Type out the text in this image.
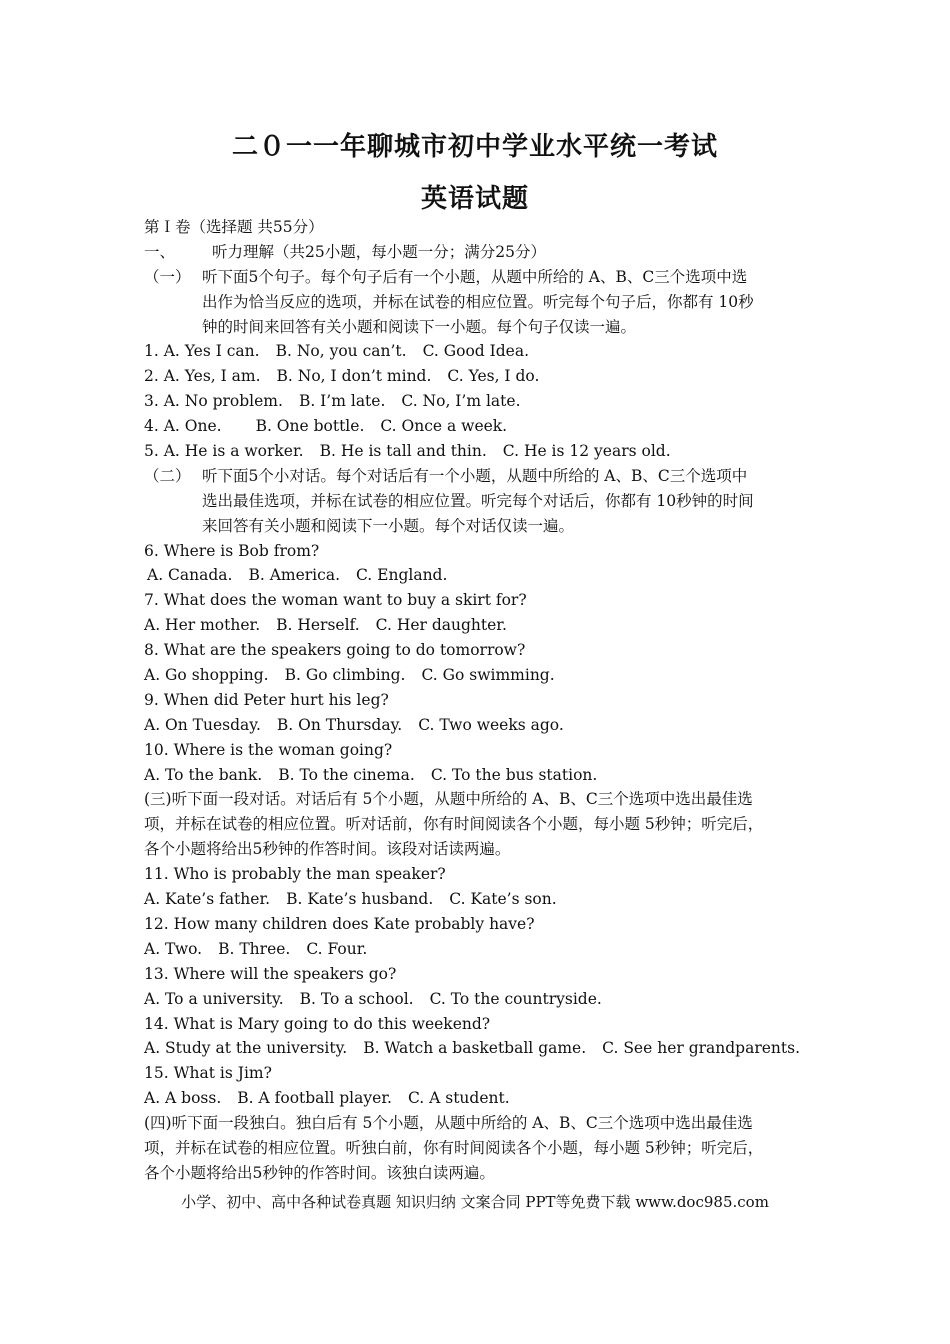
二０一一年聊城市初中学业水平统一考试
英语试题
第Ｉ卷（选择题 共55分）
一、 听力理解（共25小题，每小题一分；满分25分）
（一） 听下面5个句子。每个句子后有一个小题，从题中所给的 A、B、C三个选项中选
出作为恰当反应的选项，并标在试卷的相应位置。听完每个句子后，你都有 10秒
钟的时间来回答有关小题和阅读下一小题。每个句子仅读一遍。
1. A. Yes I can. B. No, you can’t. C. Good Idea.
2. A. Yes, I am. B. No, I don’t mind. C. Yes, I do.
3. A. No problem. B. I’m late. C. No, I’m late.
4. A. One. B. One bottle. C. Once a week.
5. A. He is a worker. B. He is tall and thin. C. He is 12 years old.
（二） 听下面5个小对话。每个对话后有一个小题，从题中所给的 A、B、C三个选项中
选出最佳选项，并标在试卷的相应位置。听完每个对话后，你都有 10秒钟的时间
来回答有关小题和阅读下一小题。每个对话仅读一遍。
6. Where is Bob from?
A. Canada. B. America. C. England.
7. What does the woman want to buy a skirt for?
A. Her mother. B. Herself. C. Her daughter.
8. What are the speakers going to do tomorrow?
A. Go shopping. B. Go climbing. C. Go swimming.
9. When did Peter hurt his leg?
A. On Tuesday. B. On Thursday. C. Two weeks ago.
10. Where is the woman going?
A. To the bank. B. To the cinema. C. To the bus station.
(三)听下面一段对话。对话后有 5个小题，从题中所给的 A、B、C三个选项中选出最佳选
项，并标在试卷的相应位置。听对话前，你有时间阅读各个小题，每小题 5秒钟；听完后，
各个小题将给出5秒钟的作答时间。该段对话读两遍。
11. Who is probably the man speaker?
A. Kate’s father. B. Kate’s husband. C. Kate’s son.
12. How many children does Kate probably have?
A. Two. B. Three. C. Four.
13. Where will the speakers go?
A. To a university. B. To a school. C. To the countryside.
14. What is Mary going to do this weekend?
A. Study at the university. B. Watch a basketball game. C. See her grandparents.
15. What is Jim?
A. A boss. B. A football player. C. A student.
(四)听下面一段独白。独白后有 5个小题，从题中所给的 A、B、C三个选项中选出最佳选
项，并标在试卷的相应位置。听独白前，你有时间阅读各个小题，每小题 5秒钟；听完后，
各个小题将给出5秒钟的作答时间。该独白读两遍。
小学、初中、高中各种试卷真题 知识归纳 文案合同 PPT等免费下载 www.doc985.com
